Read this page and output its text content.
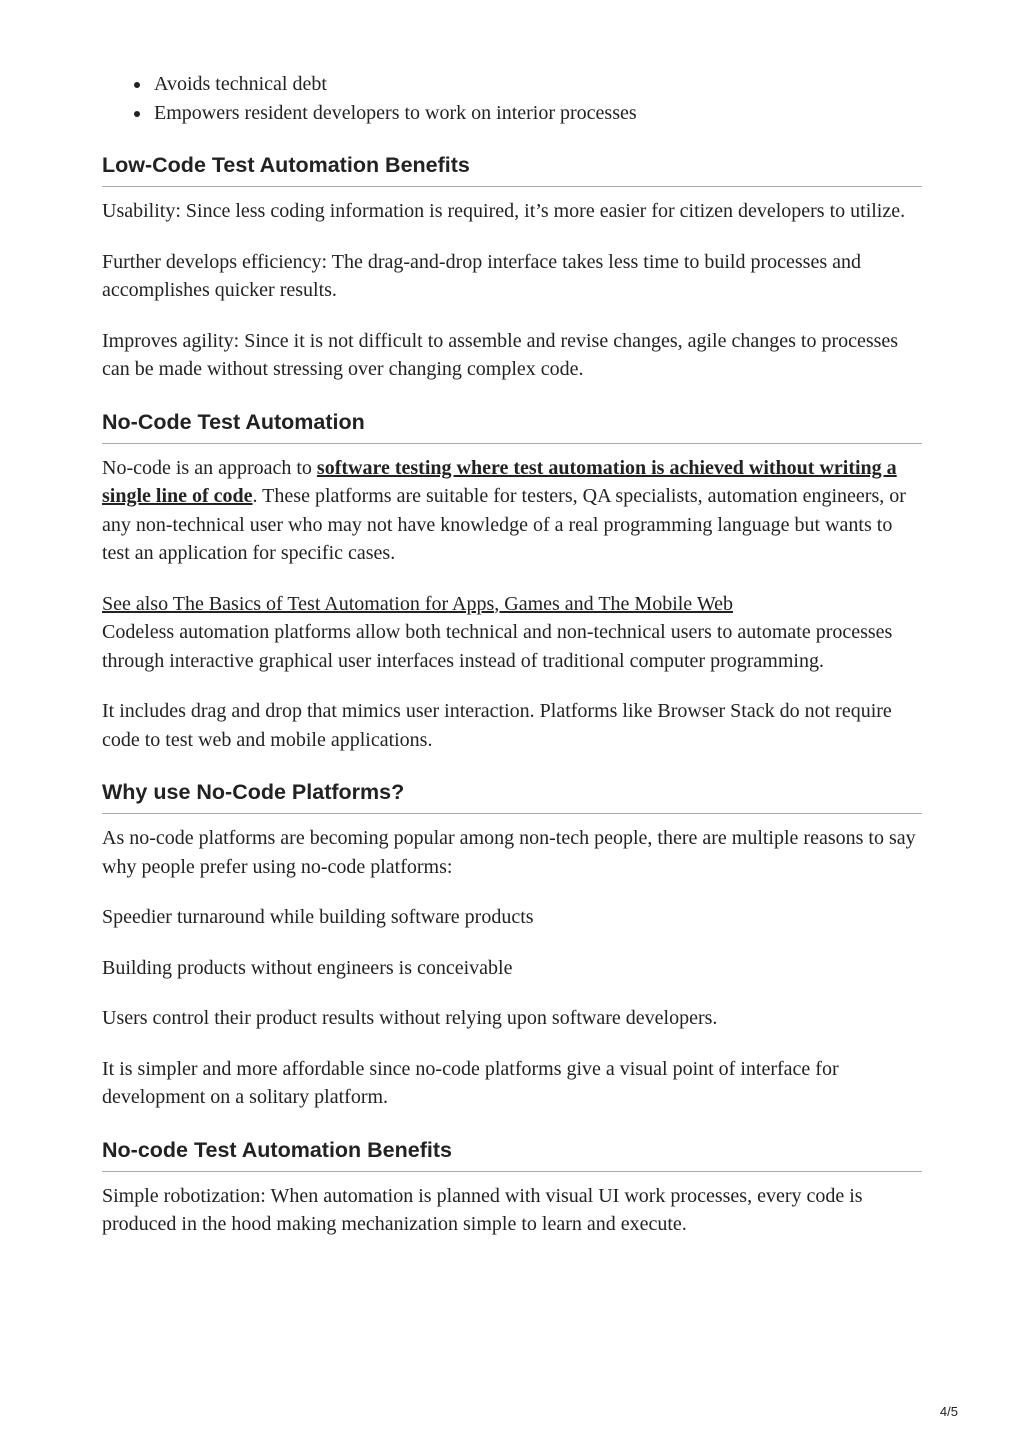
• Avoids technical debt
• Empowers resident developers to work on interior processes
Low-Code Test Automation Benefits

Usability: Since less coding information is required, it’s more easier for citizen developers to utilize.

Further develops efficiency: The drag-and-drop interface takes less time to build processes and accomplishes quicker results.

Improves agility: Since it is not difficult to assemble and revise changes, agile changes to processes can be made without stressing over changing complex code.

No-Code Test Automation

No-code is an approach to software testing where test automation is achieved without writing a single line of code. These platforms are suitable for testers, QA specialists, automation engineers, or any non-technical user who may not have knowledge of a real programming language but wants to test an application for specific cases.

See also The Basics of Test Automation for Apps, Games and The Mobile Web
Codeless automation platforms allow both technical and non-technical users to automate processes through interactive graphical user interfaces instead of traditional computer programming.

It includes drag and drop that mimics user interaction. Platforms like Browser Stack do not require code to test web and mobile applications.

Why use No-Code Platforms?

As no-code platforms are becoming popular among non-tech people, there are multiple reasons to say why people prefer using no-code platforms:

Speedier turnaround while building software products

Building products without engineers is conceivable

Users control their product results without relying upon software developers.

It is simpler and more affordable since no-code platforms give a visual point of interface for development on a solitary platform.

No-code Test Automation Benefits

Simple robotization: When automation is planned with visual UI work processes, every code is produced in the hood making mechanization simple to learn and execute.

4/5
